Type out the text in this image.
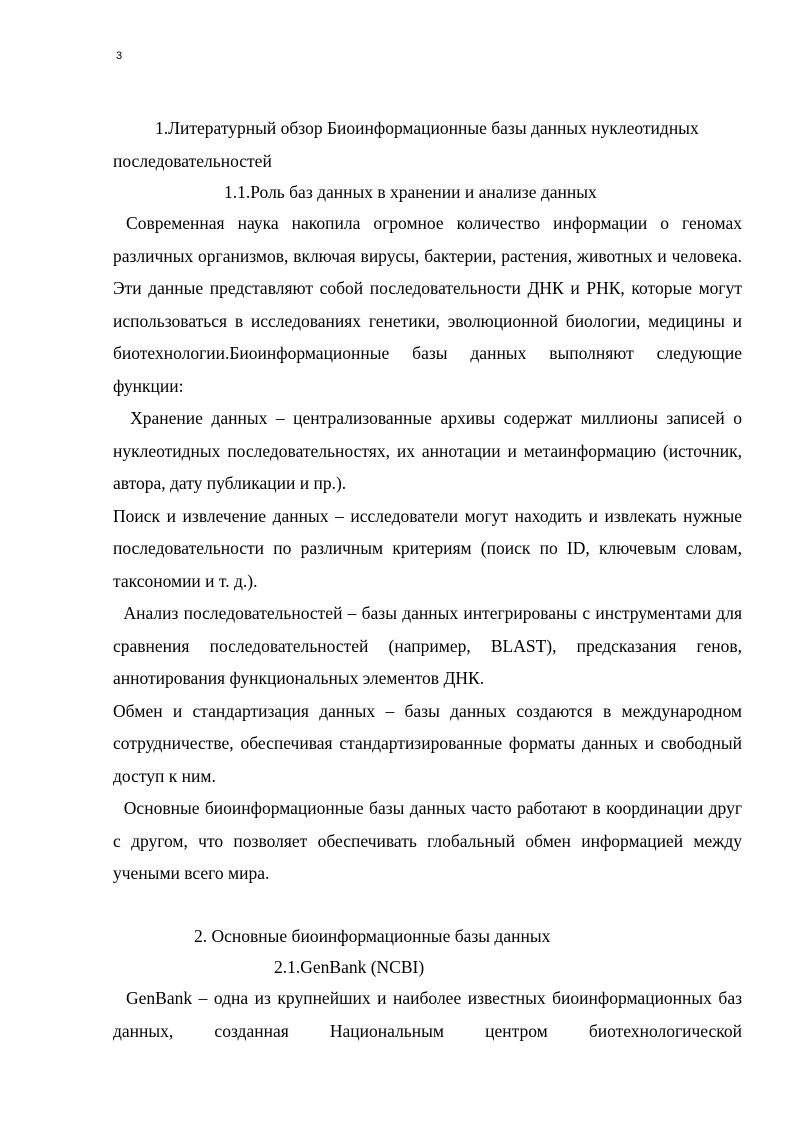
3

1.Литературный обзор Биоинформационные базы данных нуклеотидных последовательностей

1.1.Роль баз данных в хранении и анализе данных

Современная наука накопила огромное количество информации о геномах различных организмов, включая вирусы, бактерии, растения, животных и человека. Эти данные представляют собой последовательности ДНК и РНК, которые могут использоваться в исследованиях генетики, эволюционной биологии, медицины и биотехнологии.Биоинформационные базы данных выполняют следующие функции:

Хранение данных – централизованные архивы содержат миллионы записей о нуклеотидных последовательностях, их аннотации и метаинформацию (источник, автора, дату публикации и пр.).

Поиск и извлечение данных – исследователи могут находить и извлекать нужные последовательности по различным критериям (поиск по ID, ключевым словам, таксономии и т. д.).

Анализ последовательностей – базы данных интегрированы с инструментами для сравнения последовательностей (например, BLAST), предсказания генов, аннотирования функциональных элементов ДНК.

Обмен и стандартизация данных – базы данных создаются в международном сотрудничестве, обеспечивая стандартизированные форматы данных и свободный доступ к ним.

Основные биоинформационные базы данных часто работают в координации друг с другом, что позволяет обеспечивать глобальный обмен информацией между учеными всего мира.

2. Основные биоинформационные базы данных

2.1.GenBank (NCBI)

GenBank – одна из крупнейших и наиболее известных биоинформационных баз данных, созданная Национальным центром биотехнологической
